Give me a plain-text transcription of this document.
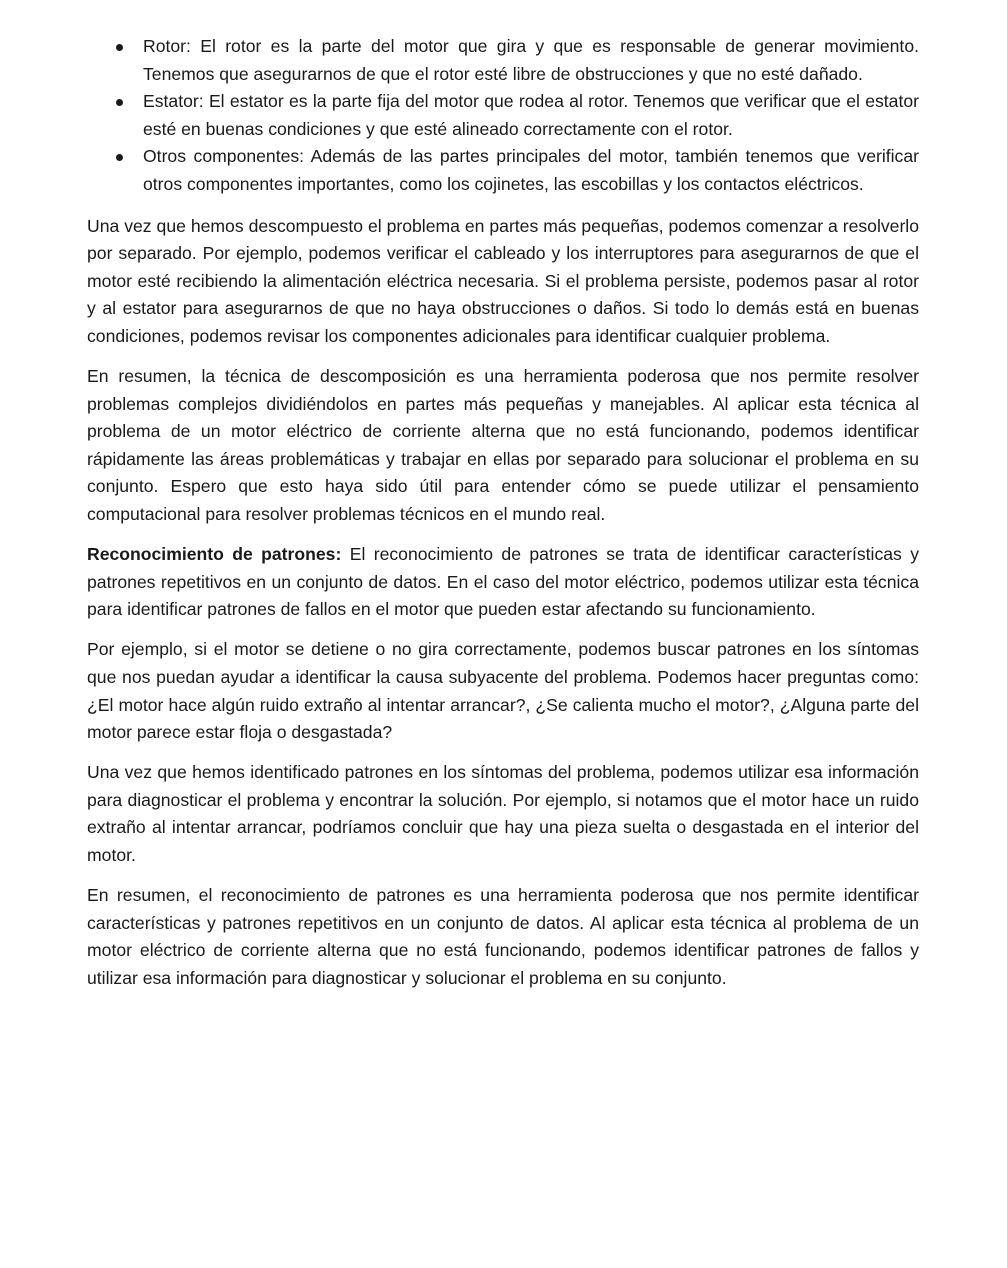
Rotor: El rotor es la parte del motor que gira y que es responsable de generar movimiento. Tenemos que asegurarnos de que el rotor esté libre de obstrucciones y que no esté dañado.
Estator: El estator es la parte fija del motor que rodea al rotor. Tenemos que verificar que el estator esté en buenas condiciones y que esté alineado correctamente con el rotor.
Otros componentes: Además de las partes principales del motor, también tenemos que verificar otros componentes importantes, como los cojinetes, las escobillas y los contactos eléctricos.

Una vez que hemos descompuesto el problema en partes más pequeñas, podemos comenzar a resolverlo por separado. Por ejemplo, podemos verificar el cableado y los interruptores para asegurarnos de que el motor esté recibiendo la alimentación eléctrica necesaria. Si el problema persiste, podemos pasar al rotor y al estator para asegurarnos de que no haya obstrucciones o daños. Si todo lo demás está en buenas condiciones, podemos revisar los componentes adicionales para identificar cualquier problema.

En resumen, la técnica de descomposición es una herramienta poderosa que nos permite resolver problemas complejos dividiéndolos en partes más pequeñas y manejables. Al aplicar esta técnica al problema de un motor eléctrico de corriente alterna que no está funcionando, podemos identificar rápidamente las áreas problemáticas y trabajar en ellas por separado para solucionar el problema en su conjunto. Espero que esto haya sido útil para entender cómo se puede utilizar el pensamiento computacional para resolver problemas técnicos en el mundo real.

Reconocimiento de patrones: El reconocimiento de patrones se trata de identificar características y patrones repetitivos en un conjunto de datos. En el caso del motor eléctrico, podemos utilizar esta técnica para identificar patrones de fallos en el motor que pueden estar afectando su funcionamiento.

Por ejemplo, si el motor se detiene o no gira correctamente, podemos buscar patrones en los síntomas que nos puedan ayudar a identificar la causa subyacente del problema. Podemos hacer preguntas como: ¿El motor hace algún ruido extraño al intentar arrancar?, ¿Se calienta mucho el motor?, ¿Alguna parte del motor parece estar floja o desgastada?

Una vez que hemos identificado patrones en los síntomas del problema, podemos utilizar esa información para diagnosticar el problema y encontrar la solución. Por ejemplo, si notamos que el motor hace un ruido extraño al intentar arrancar, podríamos concluir que hay una pieza suelta o desgastada en el interior del motor.

En resumen, el reconocimiento de patrones es una herramienta poderosa que nos permite identificar características y patrones repetitivos en un conjunto de datos. Al aplicar esta técnica al problema de un motor eléctrico de corriente alterna que no está funcionando, podemos identificar patrones de fallos y utilizar esa información para diagnosticar y solucionar el problema en su conjunto.
